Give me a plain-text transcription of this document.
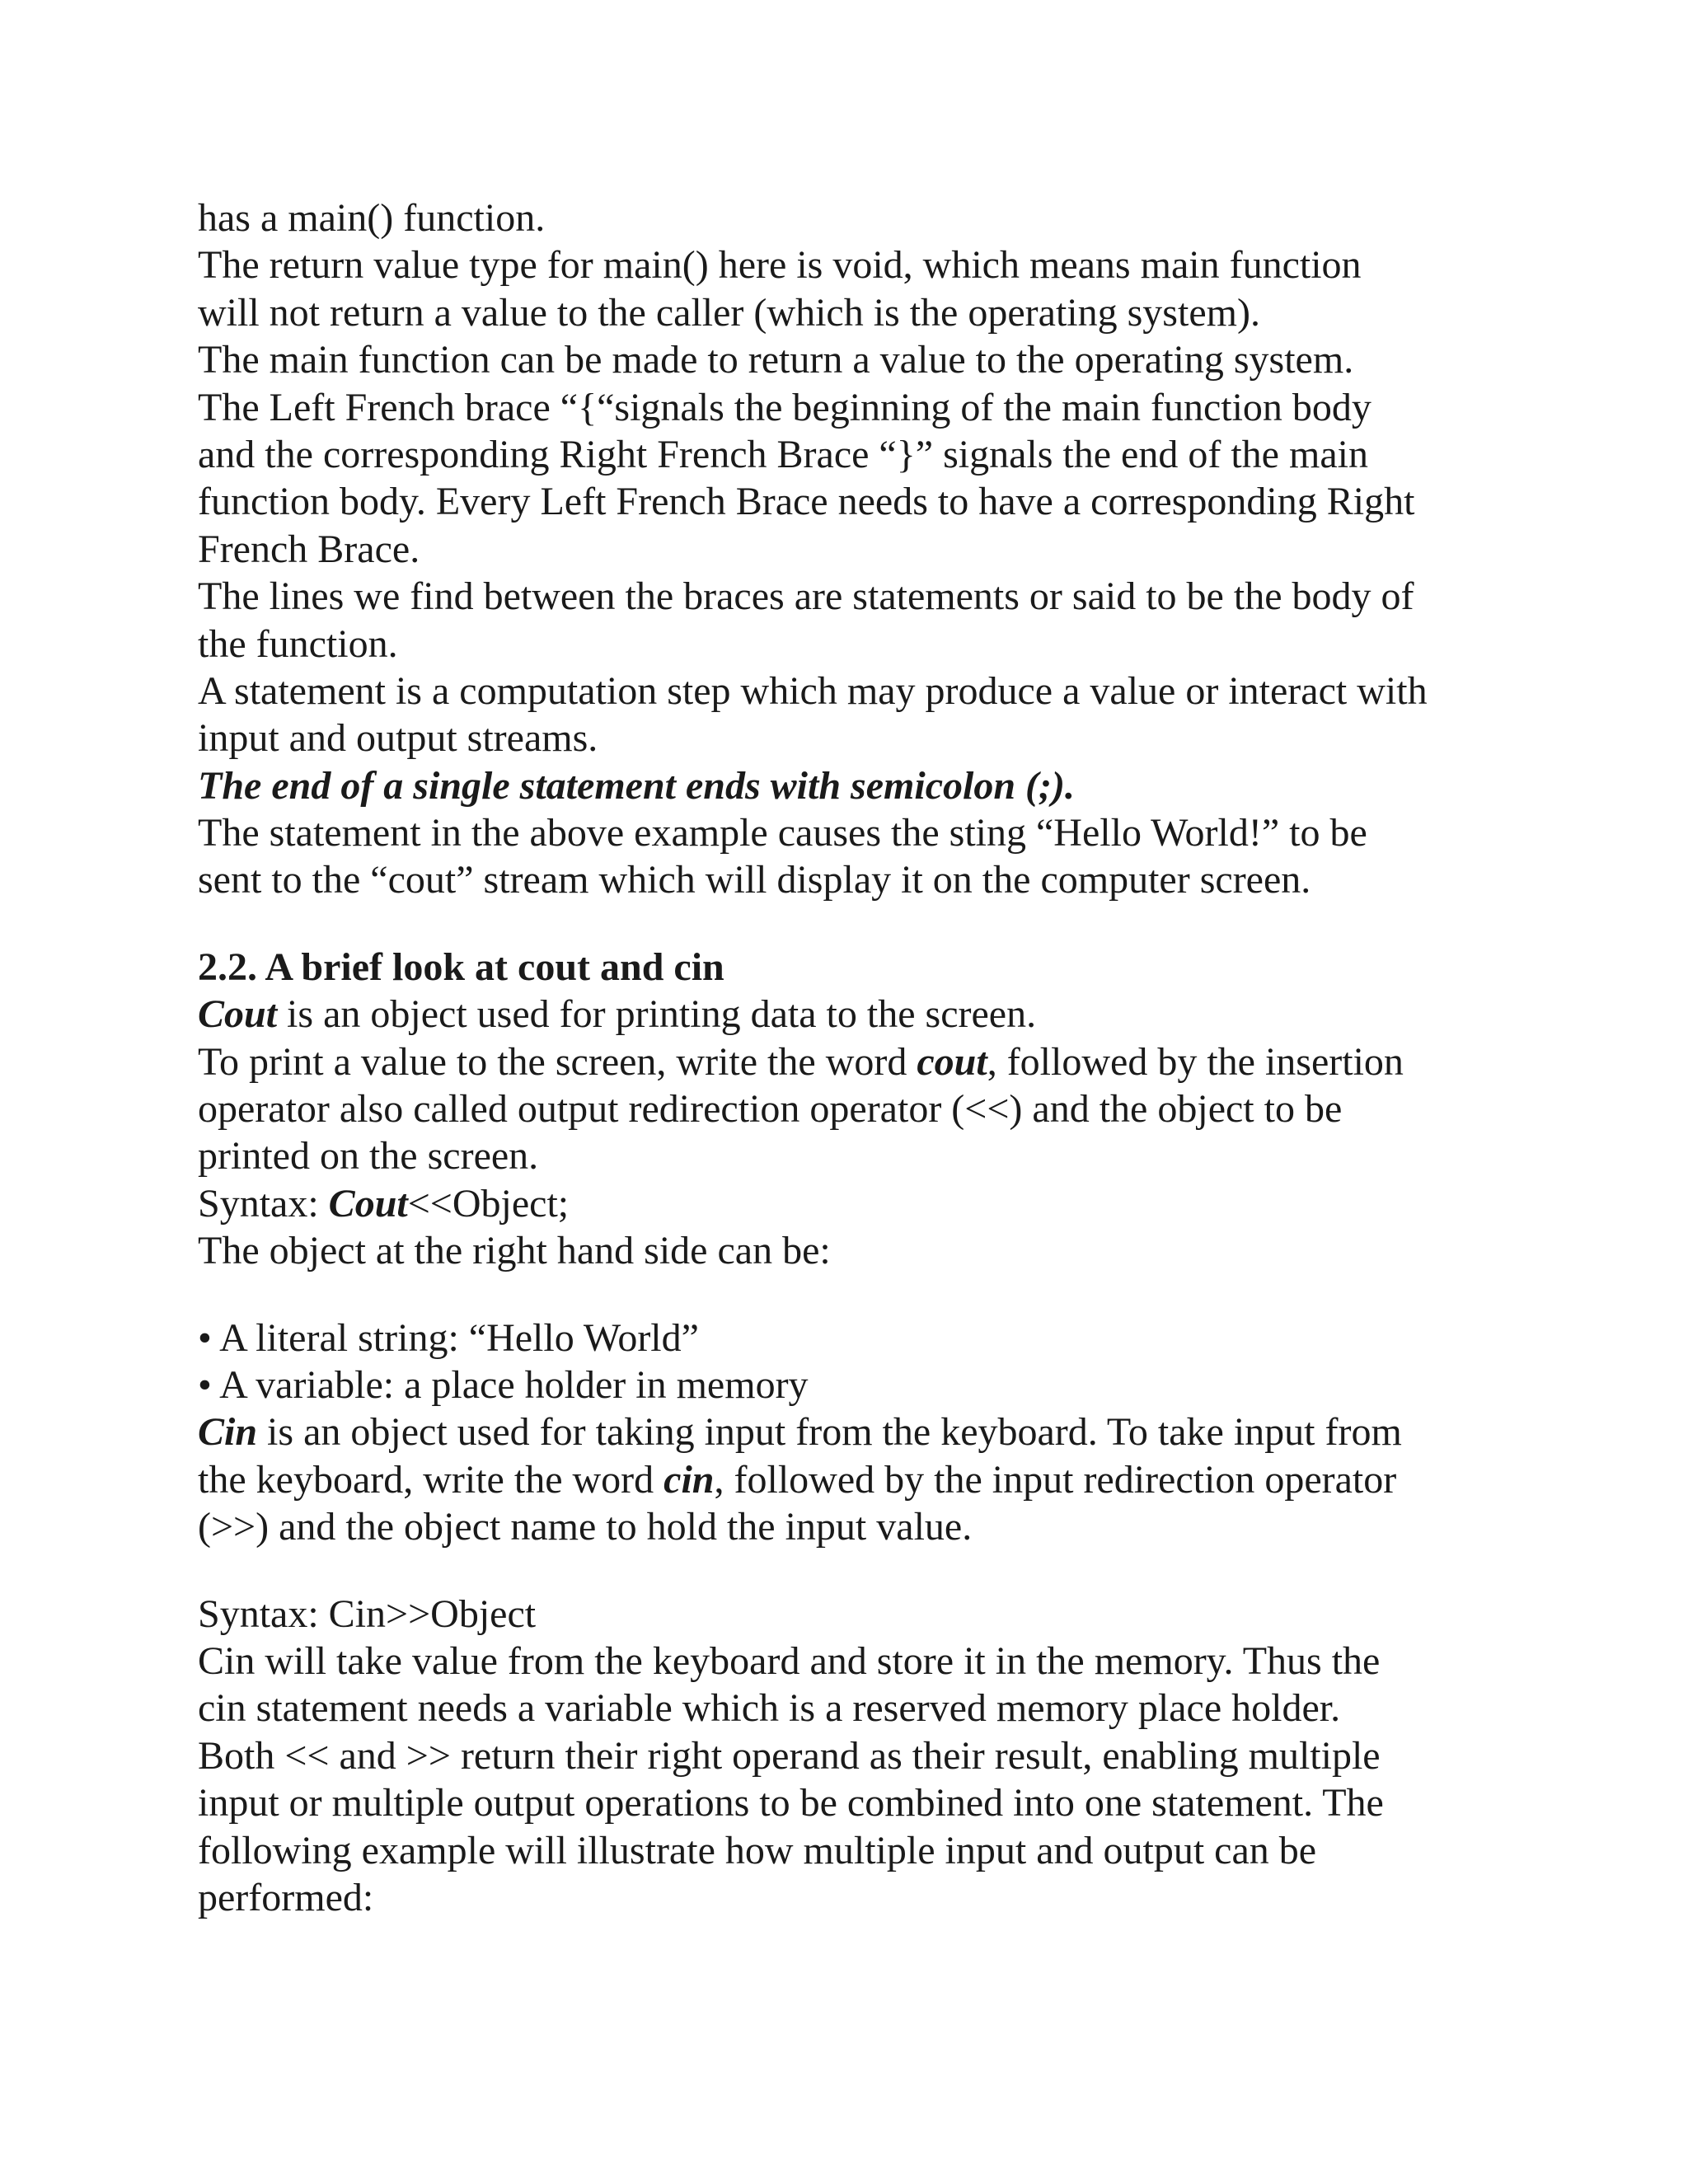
has a main() function.
The return value type for main() here is void, which means main function
will not return a value to the caller (which is the operating system).
The main function can be made to return a value to the operating system.
The Left French brace “{“signals the beginning of the main function body
and the corresponding Right French Brace “}” signals the end of the main
function body. Every Left French Brace needs to have a corresponding Right
French Brace.
The lines we find between the braces are statements or said to be the body of
the function.
A statement is a computation step which may produce a value or interact with
input and output streams.
The end of a single statement ends with semicolon (;).
The statement in the above example causes the sting “Hello World!” to be
sent to the “cout” stream which will display it on the computer screen.
2.2. A brief look at cout and cin
Cout is an object used for printing data to the screen.
To print a value to the screen, write the word cout, followed by the insertion
operator also called output redirection operator (<<) and the object to be
printed on the screen.
Syntax: Cout<<Object;
The object at the right hand side can be:
• A literal string: “Hello World”
• A variable: a place holder in memory
Cin is an object used for taking input from the keyboard. To take input from
the keyboard, write the word cin, followed by the input redirection operator
(>>) and the object name to hold the input value.
Syntax: Cin>>Object
Cin will take value from the keyboard and store it in the memory. Thus the
cin statement needs a variable which is a reserved memory place holder.
Both << and >> return their right operand as their result, enabling multiple
input or multiple output operations to be combined into one statement. The
following example will illustrate how multiple input and output can be
performed:
